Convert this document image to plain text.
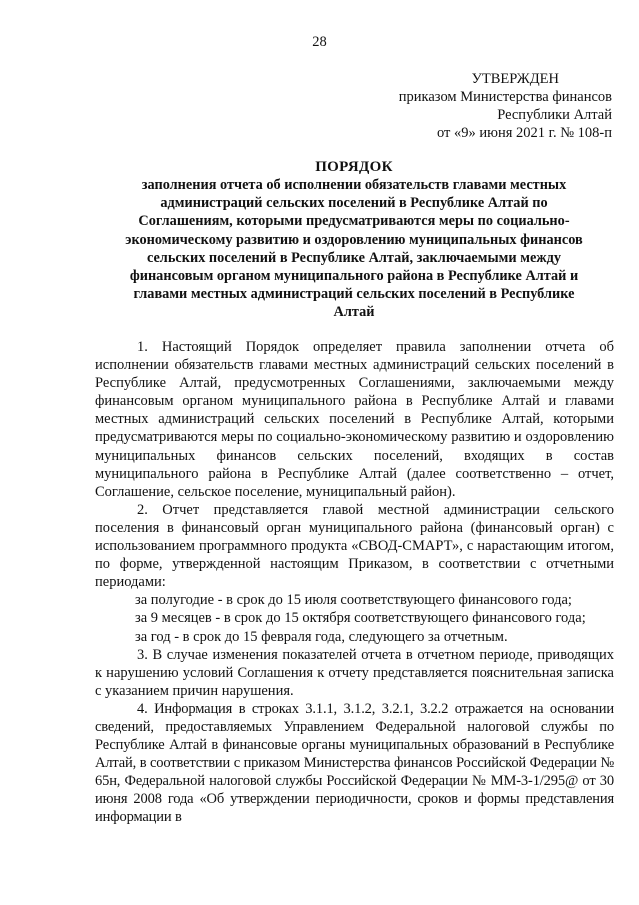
28
УТВЕРЖДЕН
приказом Министерства финансов
Республики Алтай
от «9» июня 2021 г. № 108-п
ПОРЯДОК
заполнения отчета об исполнении обязательств главами местных
администраций сельских поселений в Республике Алтай по
Соглашениям, которыми предусматриваются меры по социально-
экономическому развитию и оздоровлению муниципальных финансов
сельских поселений в Республике Алтай, заключаемыми между
финансовым органом муниципального района в Республике Алтай и
главами местных администраций сельских поселений в Республике
Алтай

1. Настоящий Порядок определяет правила заполнении отчета об исполнении обязательств главами местных администраций сельских поселений в Республике Алтай, предусмотренных Соглашениями, заключаемыми между финансовым органом муниципального района в Республике Алтай и главами местных администраций сельских поселений в Республике Алтай, которыми предусматриваются меры по социально-экономическому развитию и оздоровлению муниципальных финансов сельских поселений, входящих в состав муниципального района в Республике Алтай (далее соответственно – отчет, Соглашение, сельское поселение, муниципальный район).

2. Отчет представляется главой местной администрации сельского поселения в финансовый орган муниципального района (финансовый орган) с использованием программного продукта «СВОД-СМАРТ», с нарастающим итогом, по форме, утвержденной настоящим Приказом, в соответствии с отчетными периодами:

за полугодие - в срок до 15 июля соответствующего финансового года;

за 9 месяцев - в срок до 15 октября соответствующего финансового года;

за год - в срок до 15 февраля года, следующего за отчетным.

3. В случае изменения показателей отчета в отчетном периоде, приводящих к нарушению условий Соглашения к отчету представляется пояснительная записка с указанием причин нарушения.

4. Информация в строках 3.1.1, 3.1.2, 3.2.1, 3.2.2 отражается на основании сведений, предоставляемых Управлением Федеральной налоговой службы по Республике Алтай в финансовые органы муниципальных образований в Республике Алтай, в соответствии с приказом Министерства финансов Российской Федерации № 65н, Федеральной налоговой службы Российской Федерации № ММ-3-1/295@ от 30 июня 2008 года «Об утверждении периодичности, сроков и формы представления информации в
